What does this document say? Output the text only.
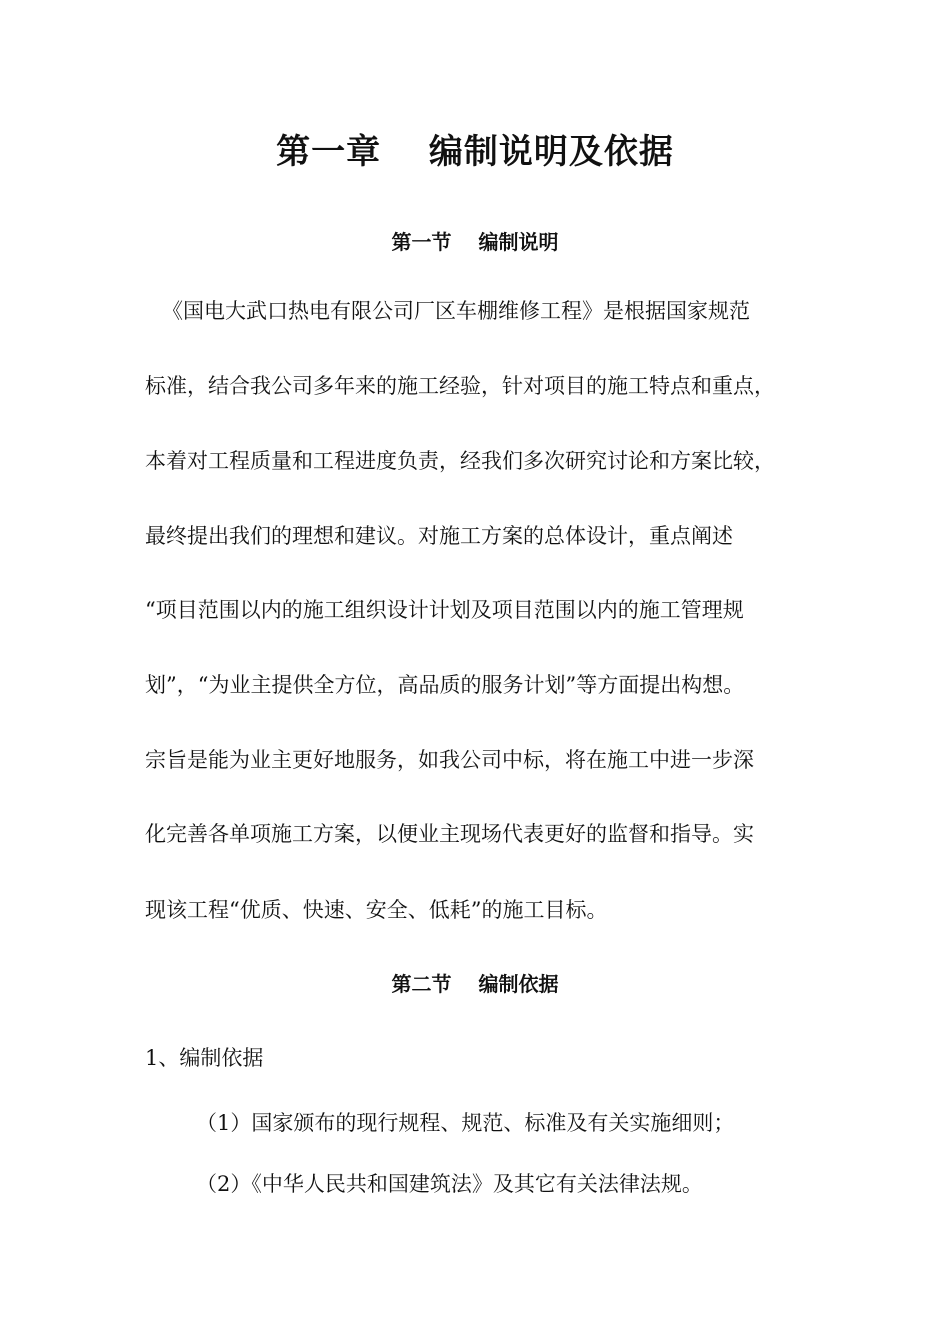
第一章　 编制说明及依据
第一节　 编制说明
《国电大武口热电有限公司厂区车棚维修工程》是根据国家规范
标准，结合我公司多年来的施工经验，针对项目的施工特点和重点，
本着对工程质量和工程进度负责，经我们多次研究讨论和方案比较，
最终提出我们的理想和建议。对施工方案的总体设计，重点阐述
“项目范围以内的施工组织设计计划及项目范围以内的施工管理规
划”，“为业主提供全方位，高品质的服务计划”等方面提出构想。
宗旨是能为业主更好地服务，如我公司中标，将在施工中进一步深
化完善各单项施工方案，以便业主现场代表更好的监督和指导。实
现该工程“优质、快速、安全、低耗”的施工目标。
第二节　 编制依据
1、编制依据
（1）国家颁布的现行规程、规范、标准及有关实施细则；
（2）《中华人民共和国建筑法》及其它有关法律法规。
